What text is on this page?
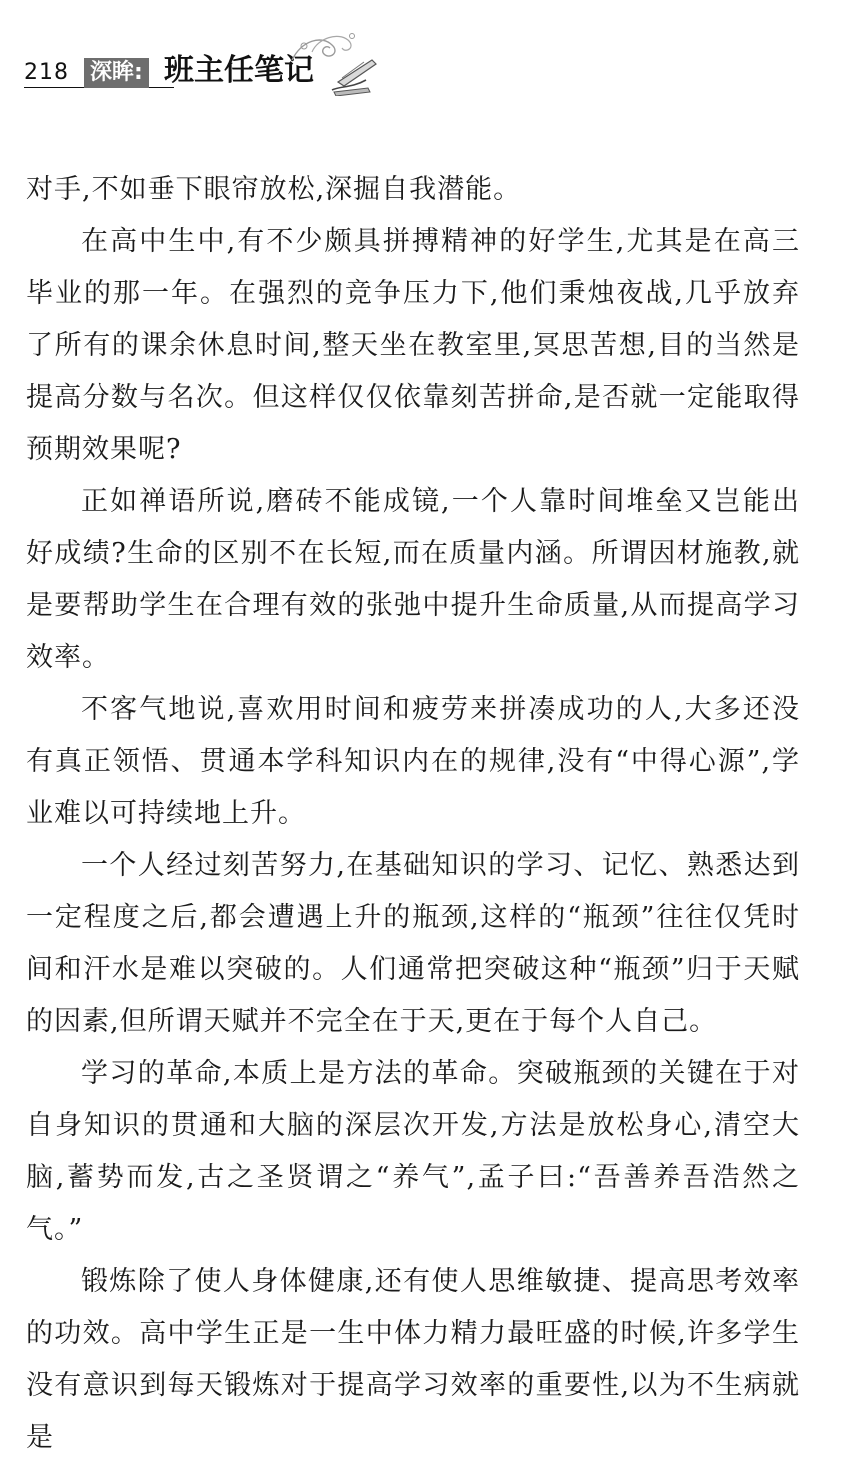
218 深眸: 班主任笔记

对手,不如垂下眼帘放松,深掘自我潜能。

在高中生中,有不少颇具拼搏精神的好学生,尤其是在高三毕业的那一年。在强烈的竞争压力下,他们秉烛夜战,几乎放弃了所有的课余休息时间,整天坐在教室里,冥思苦想,目的当然是提高分数与名次。但这样仅仅依靠刻苦拼命,是否就一定能取得预期效果呢?

正如禅语所说,磨砖不能成镜,一个人靠时间堆垒又岂能出好成绩?生命的区别不在长短,而在质量内涵。所谓因材施教,就是要帮助学生在合理有效的张弛中提升生命质量,从而提高学习效率。

不客气地说,喜欢用时间和疲劳来拼凑成功的人,大多还没有真正领悟、贯通本学科知识内在的规律,没有“中得心源”,学业难以可持续地上升。

一个人经过刻苦努力,在基础知识的学习、记忆、熟悉达到一定程度之后,都会遭遇上升的瓶颈,这样的“瓶颈”往往仅凭时间和汗水是难以突破的。人们通常把突破这种“瓶颈”归于天赋的因素,但所谓天赋并不完全在于天,更在于每个人自己。

学习的革命,本质上是方法的革命。突破瓶颈的关键在于对自身知识的贯通和大脑的深层次开发,方法是放松身心,清空大脑,蓄势而发,古之圣贤谓之“养气”,孟子曰:“吾善养吾浩然之气。”

锻炼除了使人身体健康,还有使人思维敏捷、提高思考效率的功效。高中学生正是一生中体力精力最旺盛的时候,许多学生没有意识到每天锻炼对于提高学习效率的重要性,以为不生病就是
